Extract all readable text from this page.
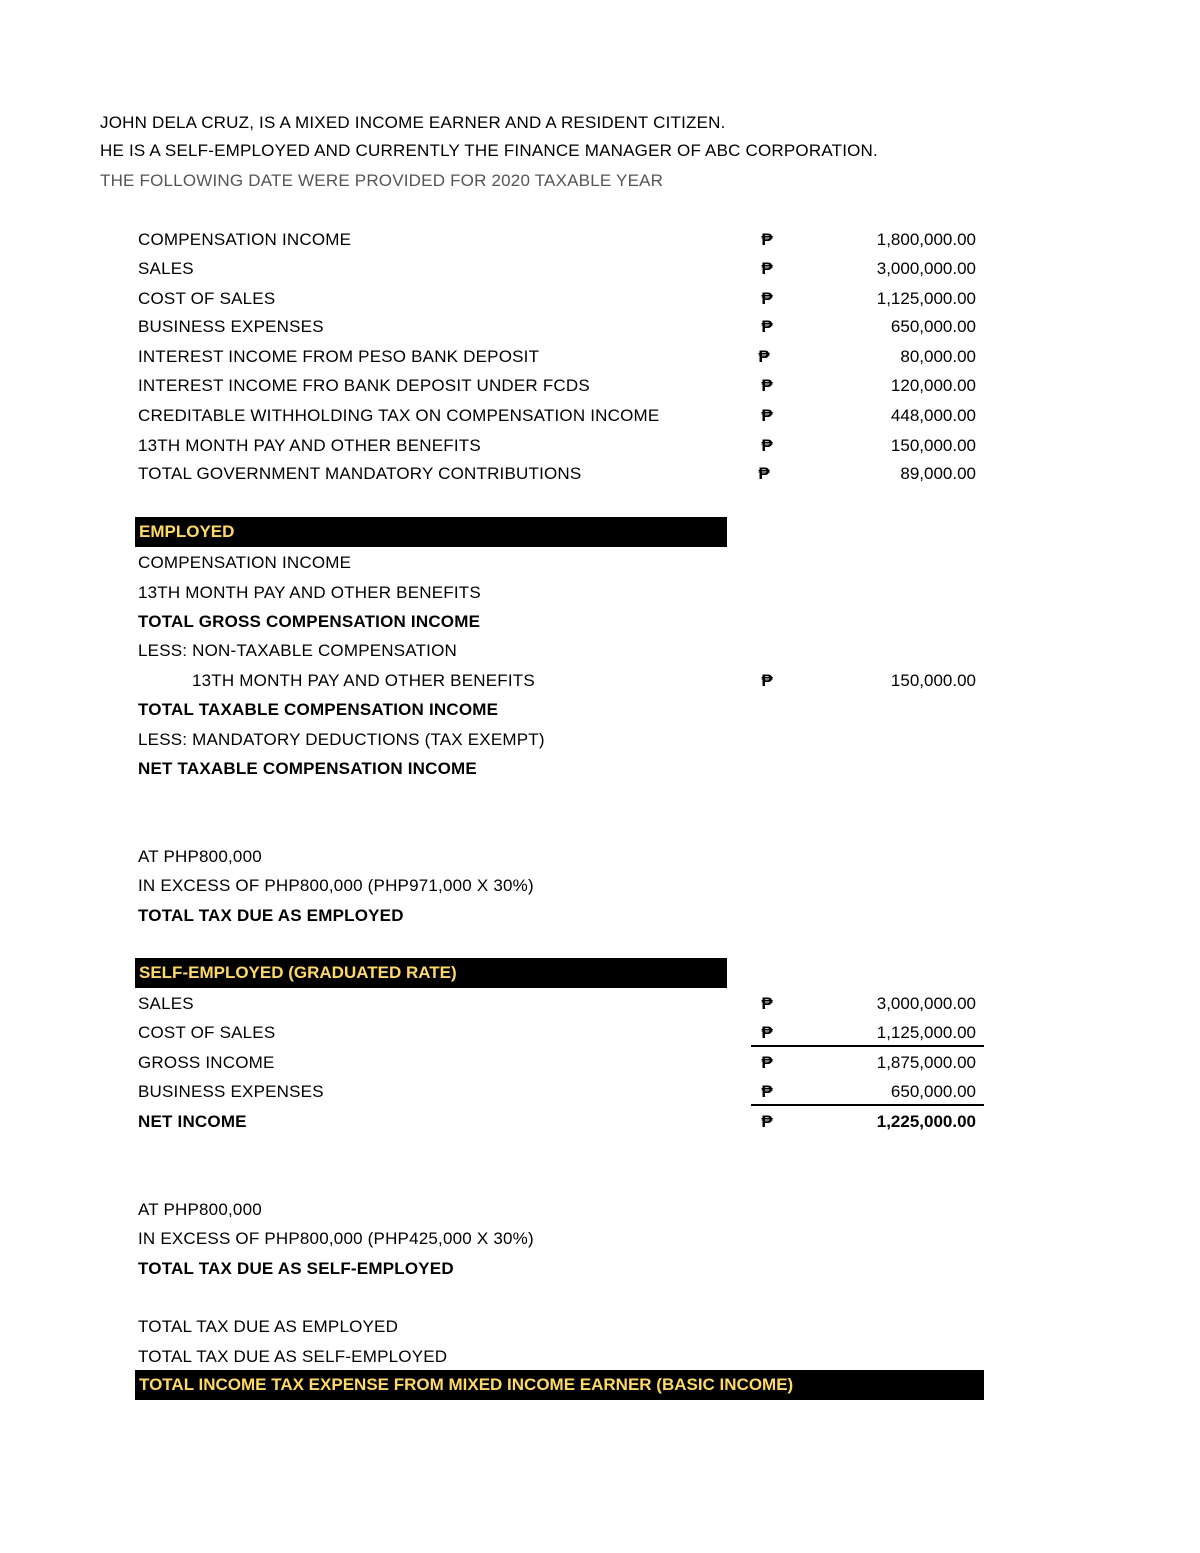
JOHN DELA CRUZ, IS A MIXED INCOME EARNER AND A RESIDENT CITIZEN.
HE IS A SELF-EMPLOYED AND CURRENTLY THE FINANCE MANAGER OF ABC CORPORATION.
THE FOLLOWING DATE WERE PROVIDED FOR 2020 TAXABLE YEAR
COMPENSATION INCOME	₱	1,800,000.00
SALES	₱	3,000,000.00
COST OF SALES	₱	1,125,000.00
BUSINESS EXPENSES	₱	650,000.00
INTEREST INCOME FROM PESO BANK DEPOSIT	₱	80,000.00
INTEREST INCOME FRO BANK DEPOSIT UNDER FCDS	₱	120,000.00
CREDITABLE WITHHOLDING TAX ON COMPENSATION INCOME	₱	448,000.00
13TH MONTH PAY AND OTHER BENEFITS	₱	150,000.00
TOTAL GOVERNMENT MANDATORY CONTRIBUTIONS	₱	89,000.00
EMPLOYED
COMPENSATION INCOME
13TH MONTH PAY AND OTHER BENEFITS
TOTAL GROSS COMPENSATION INCOME
LESS: NON-TAXABLE COMPENSATION
13TH MONTH PAY AND OTHER BENEFITS	₱	150,000.00
TOTAL TAXABLE COMPENSATION INCOME
LESS: MANDATORY DEDUCTIONS (TAX EXEMPT)
NET TAXABLE COMPENSATION INCOME
AT PHP800,000
IN EXCESS OF PHP800,000 (PHP971,000 X 30%)
TOTAL TAX DUE AS EMPLOYED
SELF-EMPLOYED (GRADUATED RATE)
SALES	₱	3,000,000.00
COST OF SALES	₱	1,125,000.00
GROSS INCOME	₱	1,875,000.00
BUSINESS EXPENSES	₱	650,000.00
NET INCOME	₱	1,225,000.00
AT PHP800,000
IN EXCESS OF PHP800,000 (PHP425,000 X 30%)
TOTAL TAX DUE AS SELF-EMPLOYED
TOTAL TAX DUE AS EMPLOYED
TOTAL TAX DUE AS SELF-EMPLOYED
TOTAL INCOME TAX EXPENSE FROM MIXED INCOME EARNER (BASIC INCOME)
